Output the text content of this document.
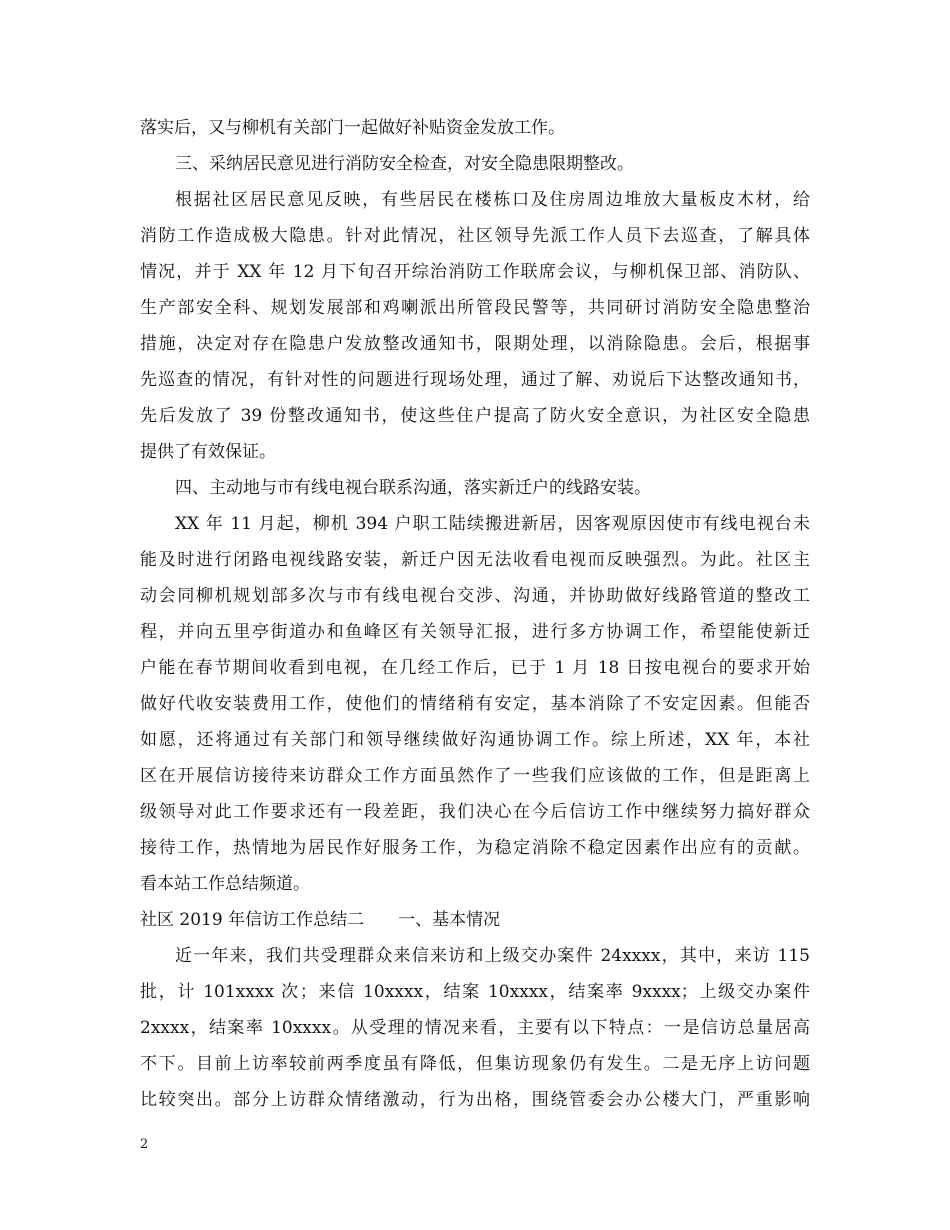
落实后，又与柳机有关部门一起做好补贴资金发放工作。
三、采纳居民意见进行消防安全检查，对安全隐患限期整改。
根据社区居民意见反映，有些居民在楼栋口及住房周边堆放大量板皮木材，给
消防工作造成极大隐患。针对此情况，社区领导先派工作人员下去巡查，了解具体
情况，并于 XX 年 12 月下旬召开综治消防工作联席会议，与柳机保卫部、消防队、
生产部安全科、规划发展部和鸡喇派出所管段民警等，共同研讨消防安全隐患整治
措施，决定对存在隐患户发放整改通知书，限期处理，以消除隐患。会后，根据事
先巡查的情况，有针对性的问题进行现场处理，通过了解、劝说后下达整改通知书，
先后发放了 39 份整改通知书，使这些住户提高了防火安全意识，为社区安全隐患
提供了有效保证。
四、主动地与市有线电视台联系沟通，落实新迁户的线路安装。
XX 年 11 月起，柳机 394 户职工陆续搬进新居，因客观原因使市有线电视台未
能及时进行闭路电视线路安装，新迁户因无法收看电视而反映强烈。为此。社区主
动会同柳机规划部多次与市有线电视台交涉、沟通，并协助做好线路管道的整改工
程，并向五里亭街道办和鱼峰区有关领导汇报，进行多方协调工作，希望能使新迁
户能在春节期间收看到电视，在几经工作后，已于 1 月 18 日按电视台的要求开始
做好代收安装费用工作，使他们的情绪稍有安定，基本消除了不安定因素。但能否
如愿，还将通过有关部门和领导继续做好沟通协调工作。综上所述，XX 年，本社
区在开展信访接待来访群众工作方面虽然作了一些我们应该做的工作，但是距离上
级领导对此工作要求还有一段差距，我们决心在今后信访工作中继续努力搞好群众
接待工作，热情地为居民作好服务工作，为稳定消除不稳定因素作出应有的贡献。
看本站工作总结频道。
社区 2019 年信访工作总结二　　一、基本情况
近一年来，我们共受理群众来信来访和上级交办案件 24xxxx，其中，来访 115
批，计 101xxxx 次；来信 10xxxx，结案 10xxxx，结案率 9xxxx；上级交办案件
2xxxx，结案率 10xxxx。从受理的情况来看，主要有以下特点：一是信访总量居高
不下。目前上访率较前两季度虽有降低，但集访现象仍有发生。二是无序上访问题
比较突出。部分上访群众情绪激动，行为出格，围绕管委会办公楼大门，严重影响
2
